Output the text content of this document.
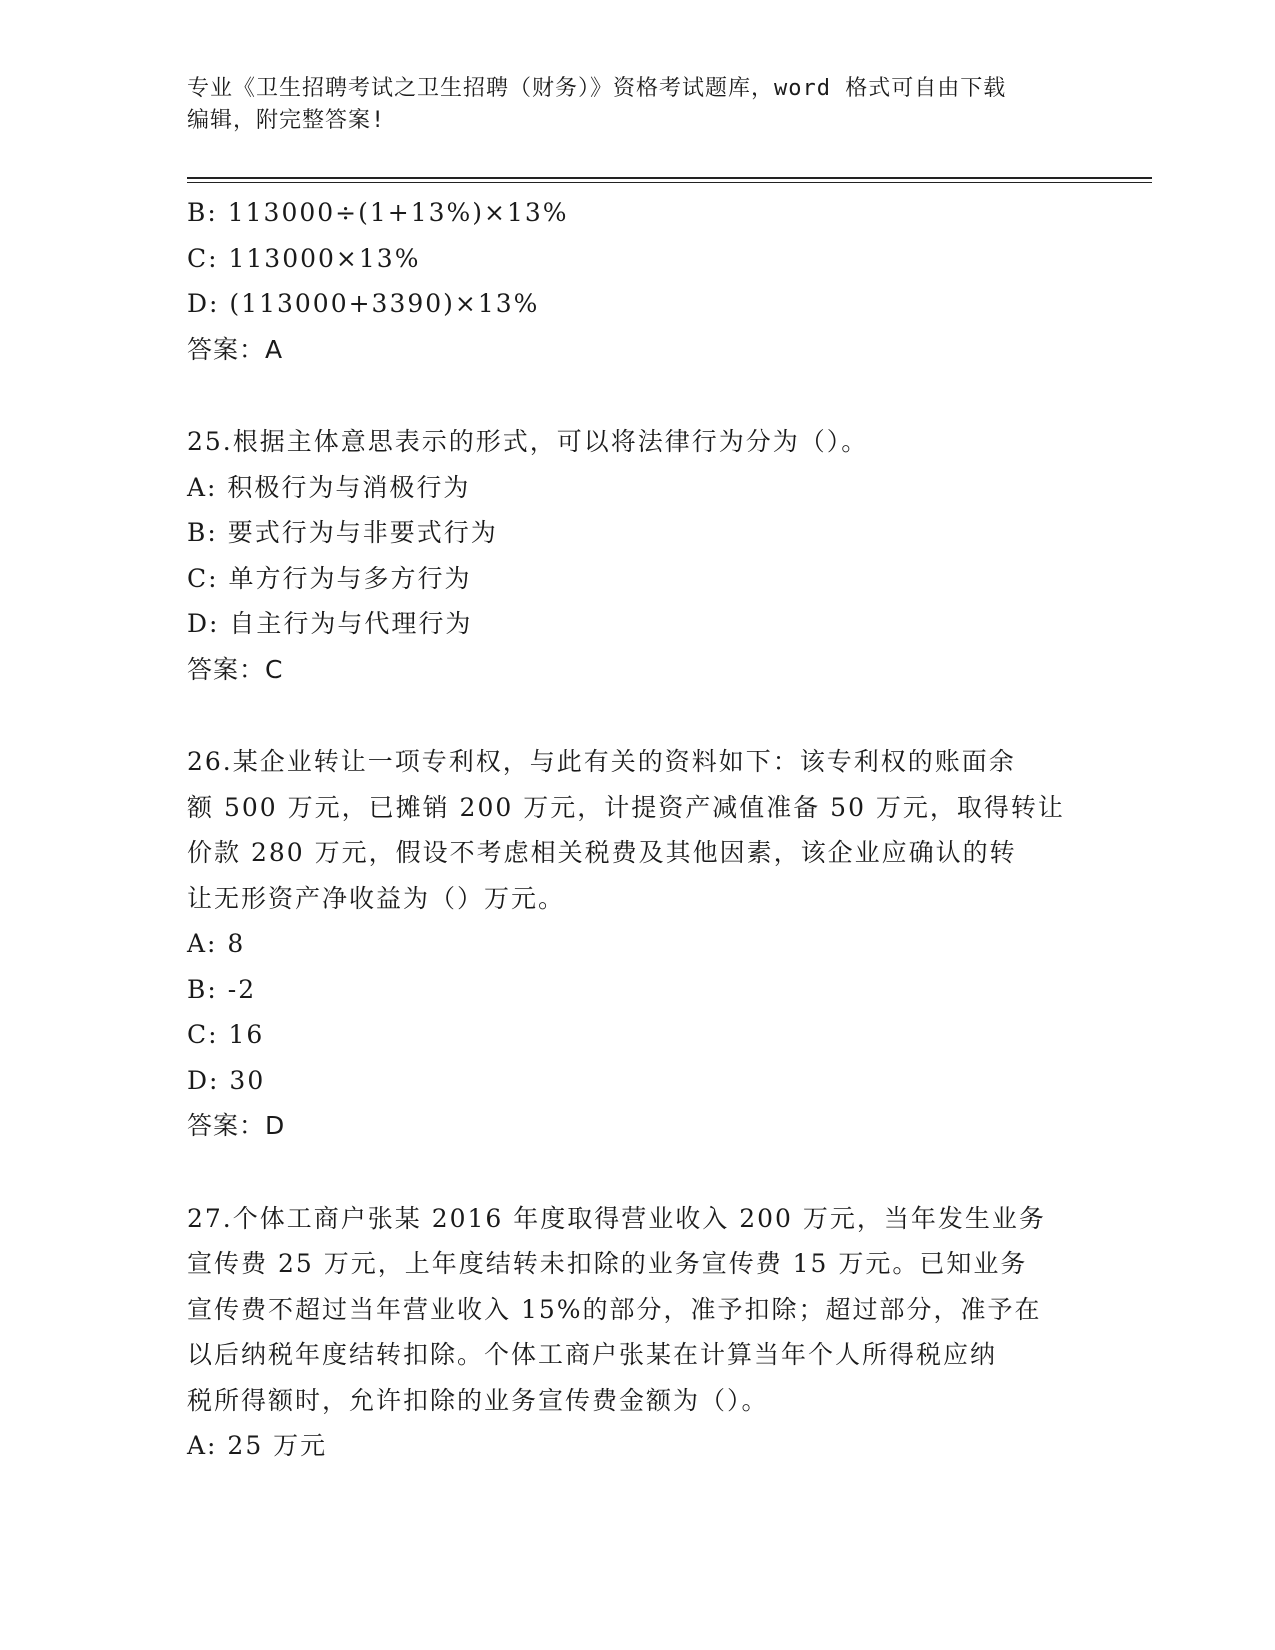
专业《卫生招聘考试之卫生招聘（财务）》资格考试题库，word 格式可自由下载
编辑，附完整答案!
B: 113000÷(1+13%)×13%
C: 113000×13%
D: (113000+3390)×13%
答案：A
25.根据主体意思表示的形式，可以将法律行为分为（）。
A: 积极行为与消极行为
B: 要式行为与非要式行为
C: 单方行为与多方行为
D: 自主行为与代理行为
答案：C
26.某企业转让一项专利权，与此有关的资料如下：该专利权的账面余
额 500 万元，已摊销 200 万元，计提资产减值准备 50 万元，取得转让
价款 280 万元，假设不考虑相关税费及其他因素，该企业应确认的转
让无形资产净收益为（）万元。
A: 8
B: -2
C: 16
D: 30
答案：D
27.个体工商户张某 2016 年度取得营业收入 200 万元，当年发生业务
宣传费 25 万元，上年度结转未扣除的业务宣传费 15 万元。已知业务
宣传费不超过当年营业收入 15%的部分，准予扣除；超过部分，准予在
以后纳税年度结转扣除。个体工商户张某在计算当年个人所得税应纳
税所得额时，允许扣除的业务宣传费金额为（）。
A: 25 万元
